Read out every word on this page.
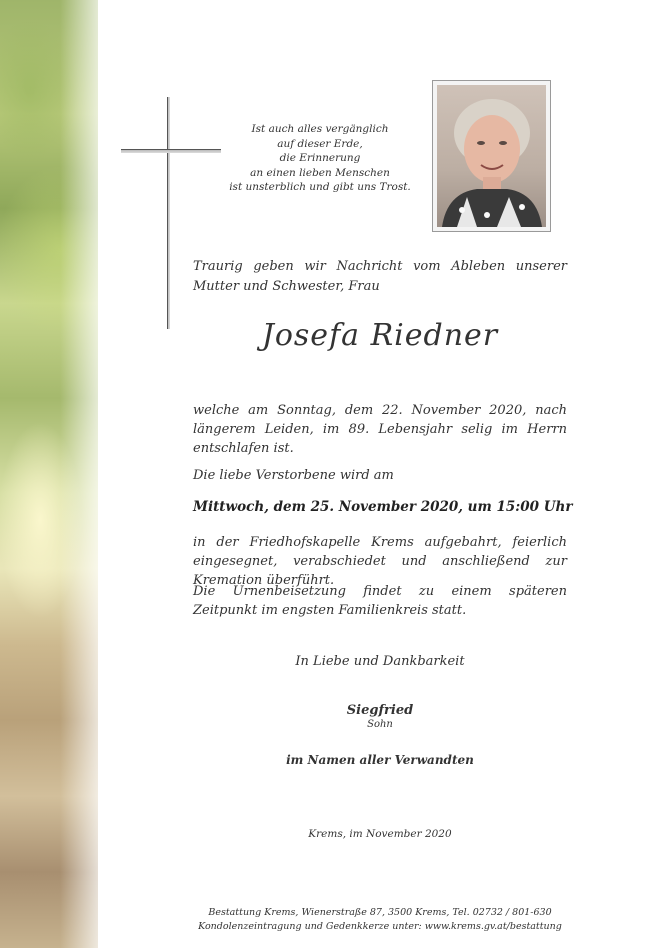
Ist auch alles vergänglich
auf dieser Erde,
die Erinnerung
an einen lieben Menschen
ist unsterblich und gibt uns Trost.
Traurig geben wir Nachricht vom Ableben unserer Mutter und Schwester, Frau
Josefa Riedner
welche am Sonntag, dem 22. November 2020, nach längerem Leiden, im 89. Lebensjahr selig im Herrn entschlafen ist.
Die liebe Verstorbene wird am
Mittwoch, dem 25. November 2020, um 15:00 Uhr
in der Friedhofskapelle Krems aufgebahrt, feierlich eingesegnet, verabschiedet und anschließend zur Kremation überführt.
Die Urnenbeisetzung findet zu einem späteren Zeitpunkt im engsten Familienkreis statt.
In Liebe und Dankbarkeit
Siegfried
Sohn
im Namen aller Verwandten
Krems, im November 2020
Bestattung Krems, Wienerstraße 87, 3500 Krems, Tel. 02732 / 801-630
Kondolenzeintragung und Gedenkkerze unter: www.krems.gv.at/bestattung
